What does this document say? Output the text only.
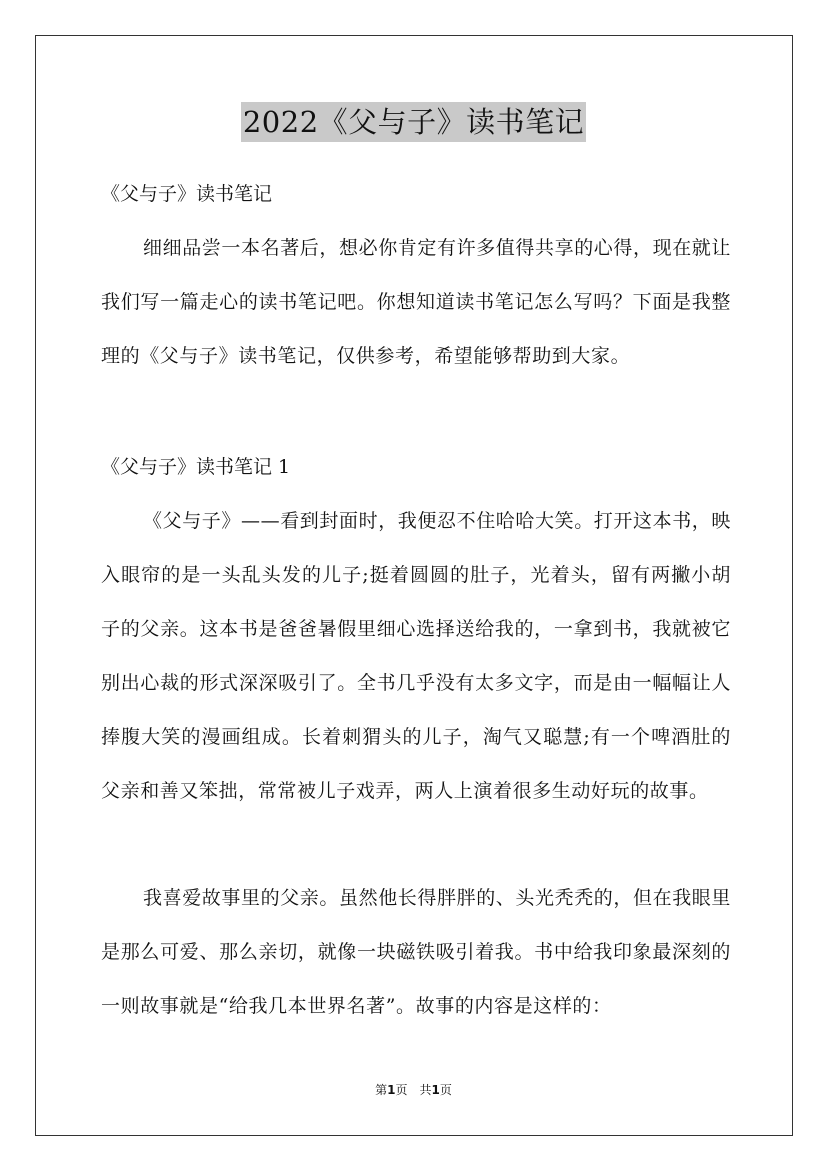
2022《父与子》读书笔记

《父与子》读书笔记

细细品尝一本名著后，想必你肯定有许多值得共享的心得，现在就让我们写一篇走心的读书笔记吧。你想知道读书笔记怎么写吗？下面是我整理的《父与子》读书笔记，仅供参考，希望能够帮助到大家。

《父与子》读书笔记 1

《父与子》——看到封面时，我便忍不住哈哈大笑。打开这本书，映入眼帘的是一头乱头发的儿子;挺着圆圆的肚子，光着头，留有两撇小胡子的父亲。这本书是爸爸暑假里细心选择送给我的，一拿到书，我就被它别出心裁的形式深深吸引了。全书几乎没有太多文字，而是由一幅幅让人捧腹大笑的漫画组成。长着刺猬头的儿子，淘气又聪慧;有一个啤酒肚的父亲和善又笨拙，常常被儿子戏弄，两人上演着很多生动好玩的故事。

我喜爱故事里的父亲。虽然他长得胖胖的、头光秃秃的，但在我眼里是那么可爱、那么亲切，就像一块磁铁吸引着我。书中给我印象最深刻的一则故事就是“给我几本世界名著”。故事的内容是这样的：

第1页　共1页
